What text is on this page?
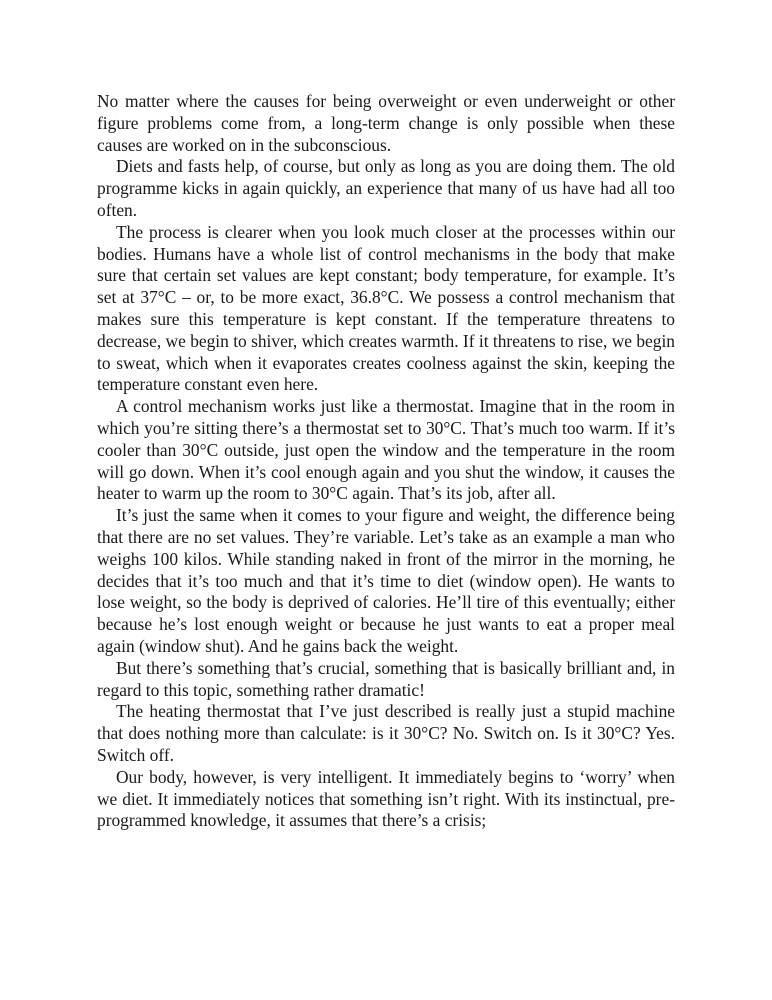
No matter where the causes for being overweight or even underweight or other figure problems come from, a long-term change is only possible when these causes are worked on in the subconscious.

Diets and fasts help, of course, but only as long as you are doing them. The old programme kicks in again quickly, an experience that many of us have had all too often.

The process is clearer when you look much closer at the processes within our bodies. Humans have a whole list of control mechanisms in the body that make sure that certain set values are kept constant; body temperature, for example. It’s set at 37°C – or, to be more exact, 36.8°C. We possess a control mechanism that makes sure this temperature is kept constant. If the temperature threatens to decrease, we begin to shiver, which creates warmth. If it threatens to rise, we begin to sweat, which when it evaporates creates coolness against the skin, keeping the temperature constant even here.

A control mechanism works just like a thermostat. Imagine that in the room in which you’re sitting there’s a thermostat set to 30°C. That’s much too warm. If it’s cooler than 30°C outside, just open the window and the temperature in the room will go down. When it’s cool enough again and you shut the window, it causes the heater to warm up the room to 30°C again. That’s its job, after all.

It’s just the same when it comes to your figure and weight, the difference being that there are no set values. They’re variable. Let’s take as an example a man who weighs 100 kilos. While standing naked in front of the mirror in the morning, he decides that it’s too much and that it’s time to diet (window open). He wants to lose weight, so the body is deprived of calories. He’ll tire of this eventually; either because he’s lost enough weight or because he just wants to eat a proper meal again (window shut). And he gains back the weight.

But there’s something that’s crucial, something that is basically brilliant and, in regard to this topic, something rather dramatic!

The heating thermostat that I’ve just described is really just a stupid machine that does nothing more than calculate: is it 30°C? No. Switch on. Is it 30°C? Yes. Switch off.

Our body, however, is very intelligent. It immediately begins to ‘worry’ when we diet. It immediately notices that something isn’t right. With its instinctual, pre-programmed knowledge, it assumes that there’s a crisis;
